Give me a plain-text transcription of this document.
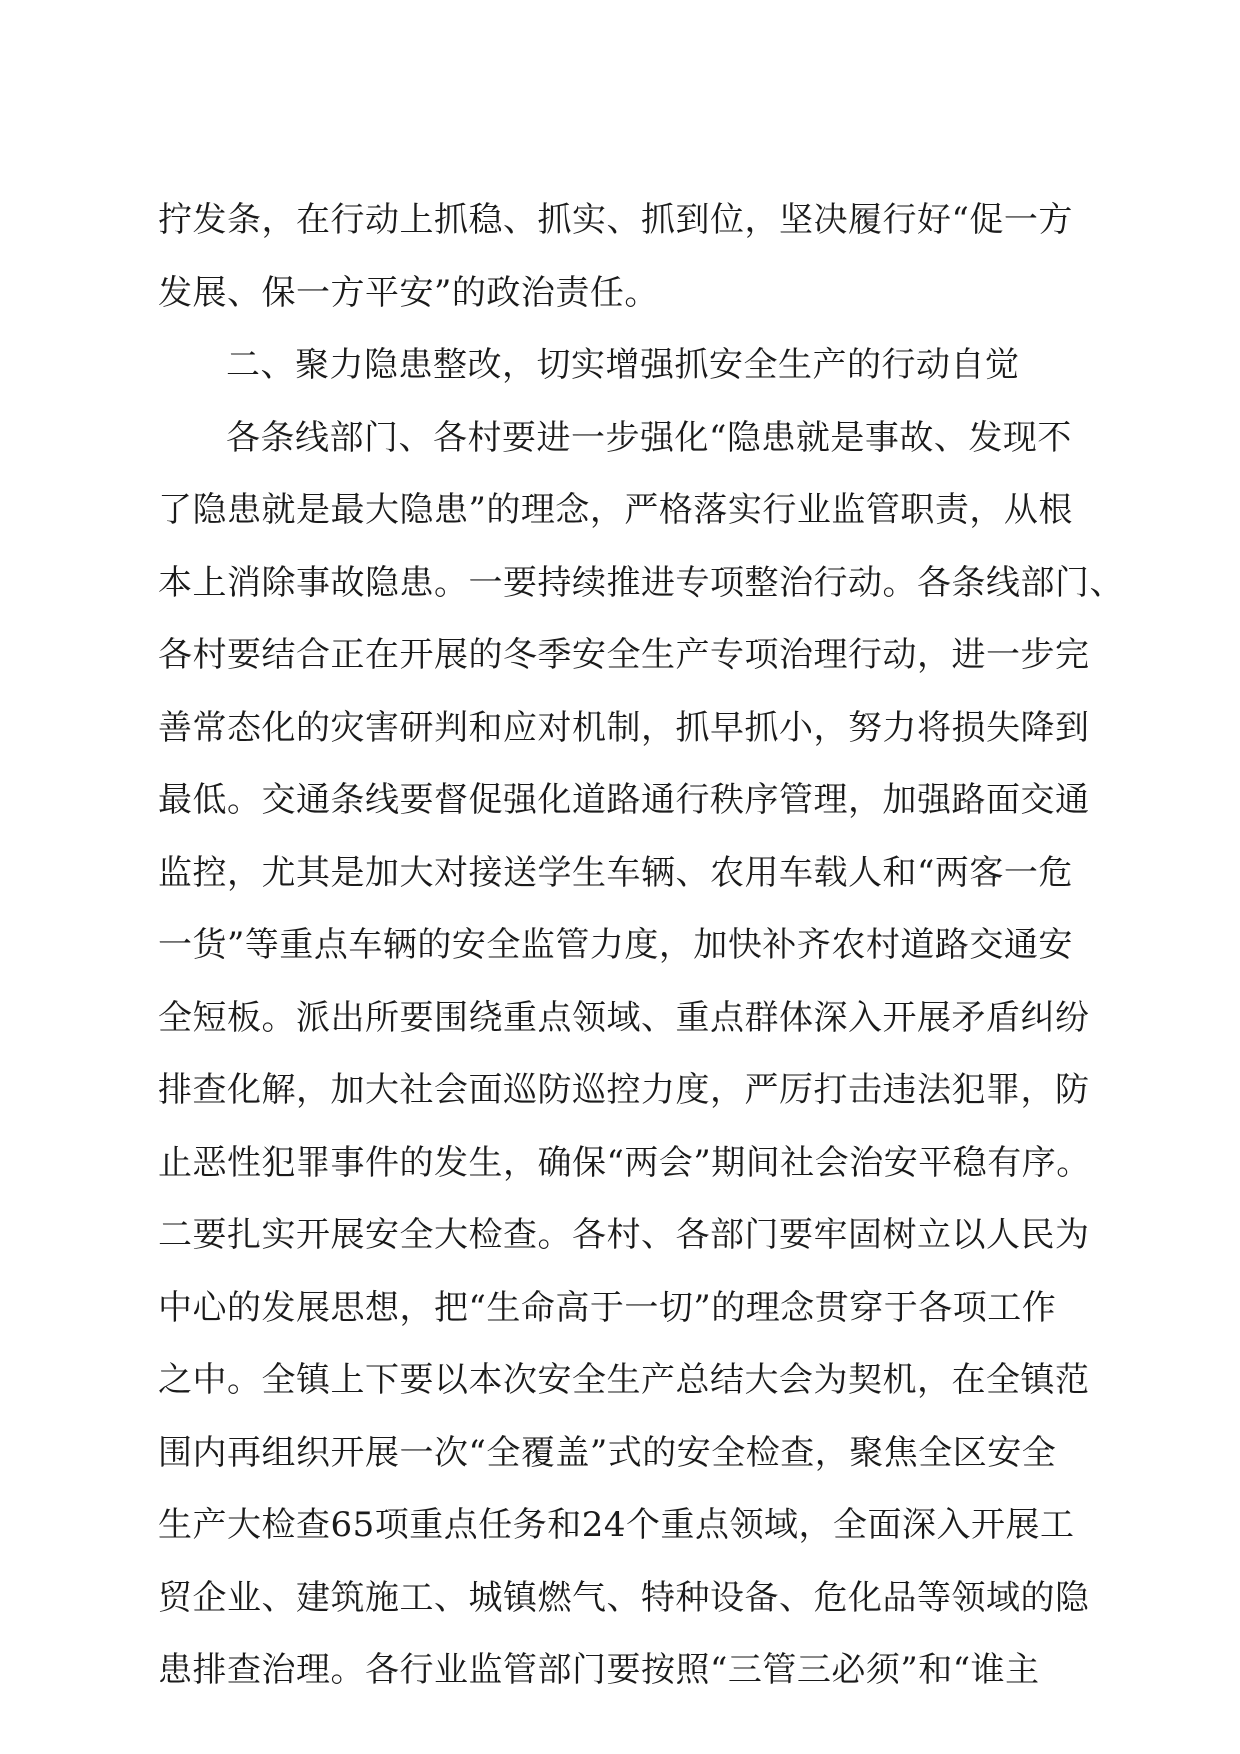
拧发条，在行动上抓稳、抓实、抓到位，坚决履行好“促一方
发展、保一方平安”的政治责任。
二、聚力隐患整改，切实增强抓安全生产的行动自觉
各条线部门、各村要进一步强化“隐患就是事故、发现不
了隐患就是最大隐患”的理念，严格落实行业监管职责，从根
本上消除事故隐患。一要持续推进专项整治行动。各条线部门、
各村要结合正在开展的冬季安全生产专项治理行动，进一步完
善常态化的灾害研判和应对机制，抓早抓小，努力将损失降到
最低。交通条线要督促强化道路通行秩序管理，加强路面交通
监控，尤其是加大对接送学生车辆、农用车载人和“两客一危
一货”等重点车辆的安全监管力度，加快补齐农村道路交通安
全短板。派出所要围绕重点领域、重点群体深入开展矛盾纠纷
排查化解，加大社会面巡防巡控力度，严厉打击违法犯罪，防
止恶性犯罪事件的发生，确保“两会”期间社会治安平稳有序。
二要扎实开展安全大检查。各村、各部门要牢固树立以人民为
中心的发展思想，把“生命高于一切”的理念贯穿于各项工作
之中。全镇上下要以本次安全生产总结大会为契机，在全镇范
围内再组织开展一次“全覆盖”式的安全检查，聚焦全区安全
生产大检查65项重点任务和24个重点领域，全面深入开展工
贸企业、建筑施工、城镇燃气、特种设备、危化品等领域的隐
患排查治理。各行业监管部门要按照“三管三必须”和“谁主
